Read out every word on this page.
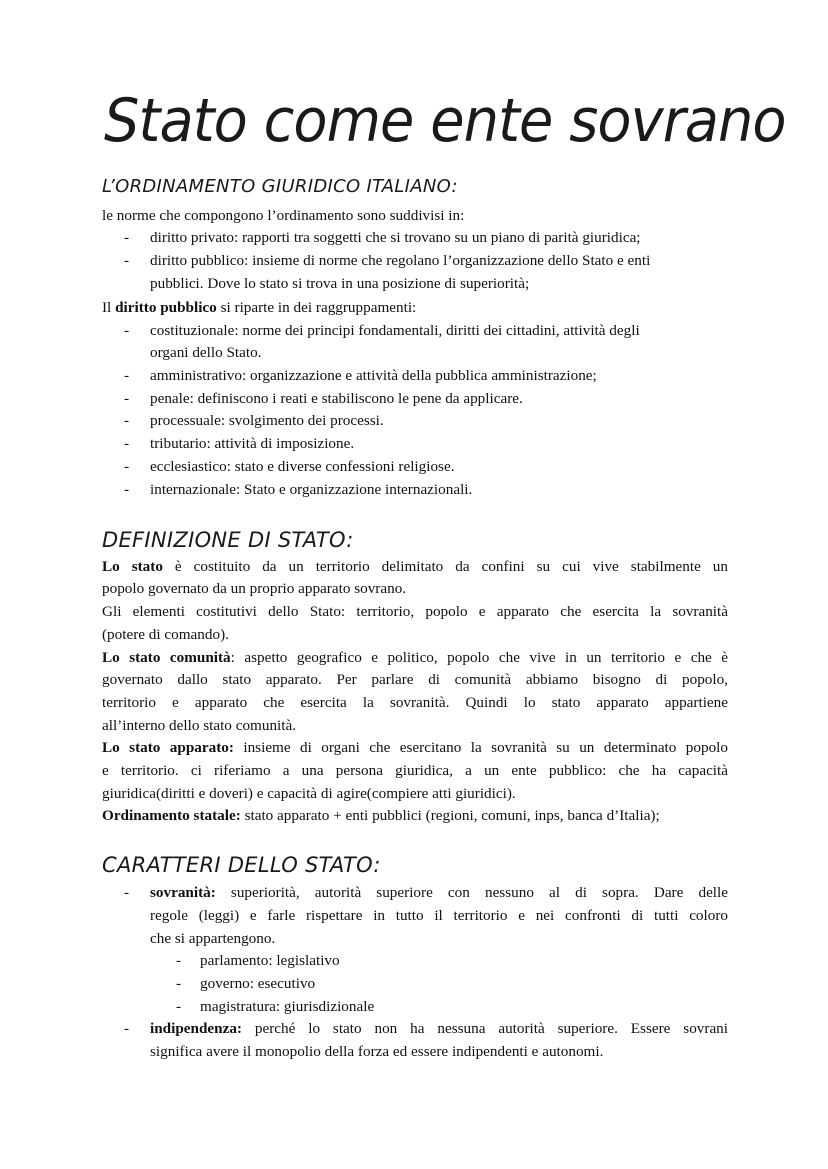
Stato come ente sovrano
L’ORDINAMENTO GIURIDICO ITALIANO:
le norme che compongono l’ordinamento sono suddivisi in:
- diritto privato: rapporti tra soggetti che si trovano su un piano di parità giuridica;
- diritto pubblico: insieme di norme che regolano l’organizzazione dello Stato e enti
pubblici. Dove lo stato si trova in una posizione di superiorità;
Il diritto pubblico si riparte in dei raggruppamenti:
- costituzionale: norme dei principi fondamentali, diritti dei cittadini, attività degli
organi dello Stato.
- amministrativo: organizzazione e attività della pubblica amministrazione;
- penale: definiscono i reati e stabiliscono le pene da applicare.
- processuale: svolgimento dei processi.
- tributario: attività di imposizione.
- ecclesiastico: stato e diverse confessioni religiose.
- internazionale: Stato e organizzazione internazionali.
DEFINIZIONE DI STATO:
Lo stato è costituito da un territorio delimitato da confini su cui vive stabilmente un
popolo governato da un proprio apparato sovrano.
Gli elementi costitutivi dello Stato: territorio, popolo e apparato che esercita la sovranità
(potere di comando).
Lo stato comunità: aspetto geografico e politico, popolo che vive in un territorio e che è
governato dallo stato apparato. Per parlare di comunità abbiamo bisogno di popolo,
territorio e apparato che esercita la sovranità. Quindi lo stato apparato appartiene
all’interno dello stato comunità.
Lo stato apparato: insieme di organi che esercitano la sovranità su un determinato popolo
e territorio. ci riferiamo a una persona giuridica, a un ente pubblico: che ha capacità
giuridica(diritti e doveri) e capacità di agire(compiere atti giuridici).
Ordinamento statale: stato apparato + enti pubblici (regioni, comuni, inps, banca d’Italia);
CARATTERI DELLO STATO:
- sovranità: superiorità, autorità superiore con nessuno al di sopra. Dare delle
regole (leggi) e farle rispettare in tutto il territorio e nei confronti di tutti coloro
che si appartengono.
- parlamento: legislativo
- governo: esecutivo
- magistratura: giurisdizionale
- indipendenza: perché lo stato non ha nessuna autorità superiore. Essere sovrani
significa avere il monopolio della forza ed essere indipendenti e autonomi.
